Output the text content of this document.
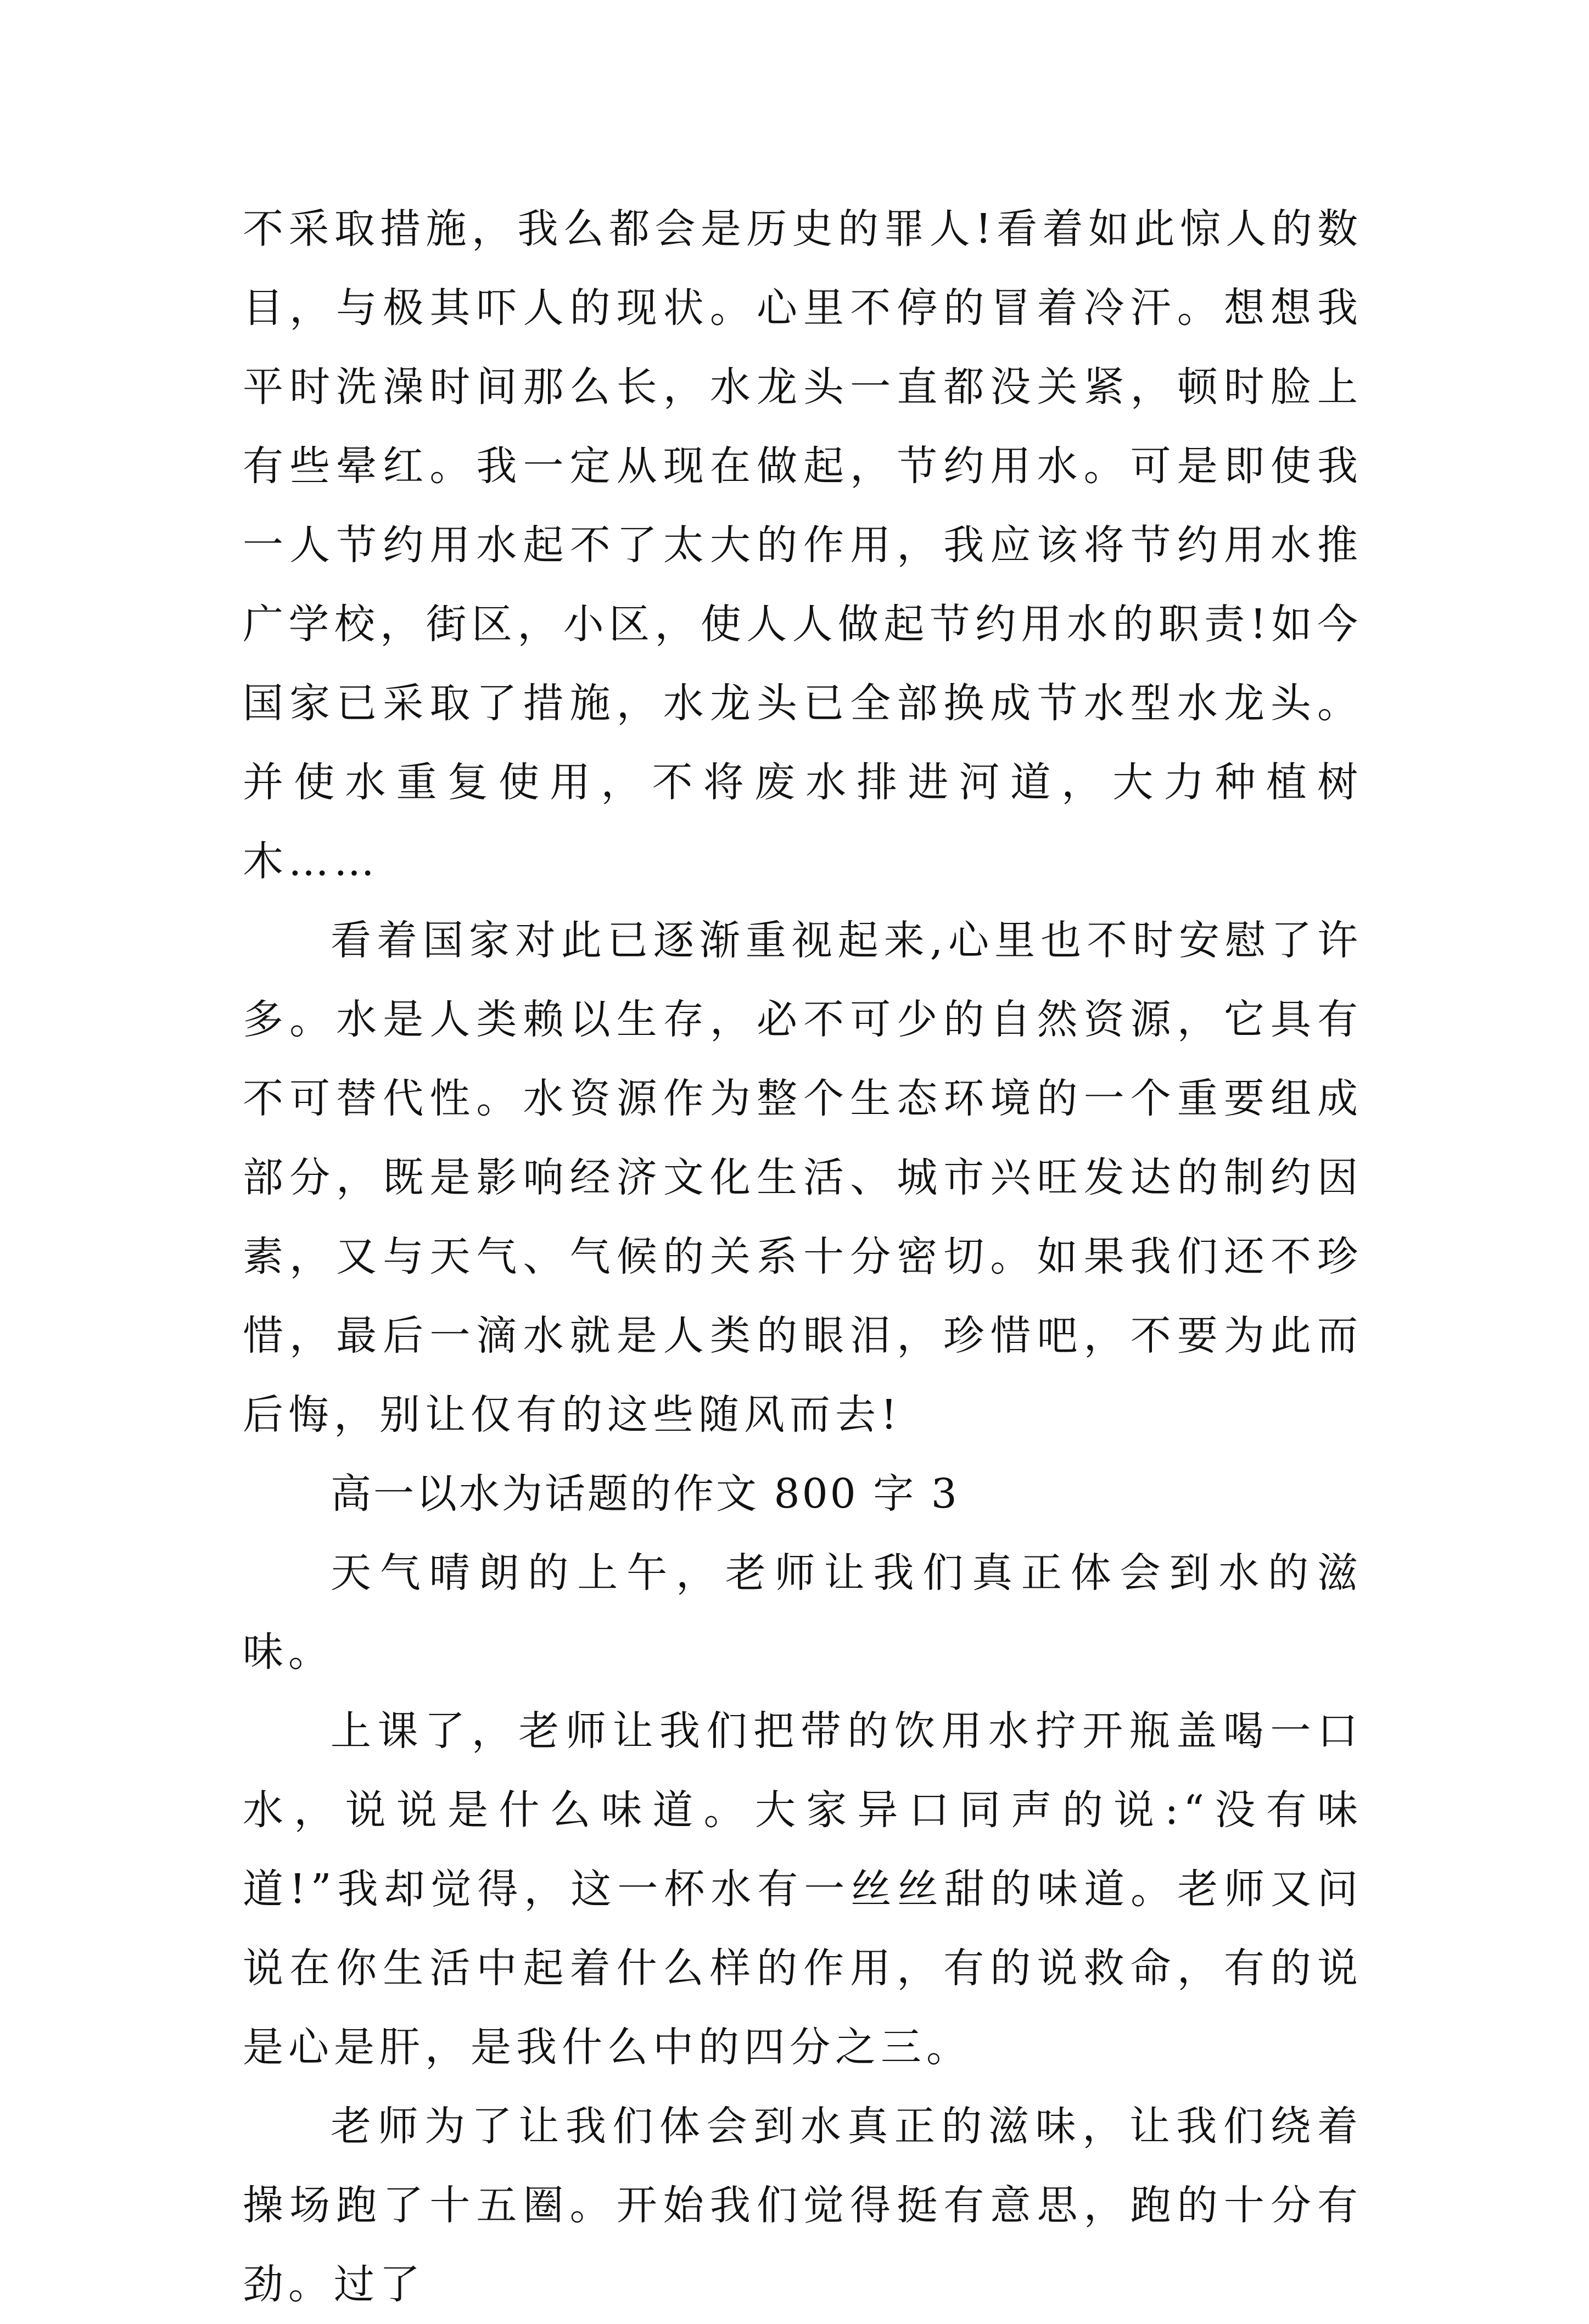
不采取措施，我么都会是历史的罪人!看着如此惊人的数目，与极其吓人的现状。心里不停的冒着冷汗。想想我平时洗澡时间那么长，水龙头一直都没关紧，顿时脸上有些晕红。我一定从现在做起，节约用水。可是即使我一人节约用水起不了太大的作用，我应该将节约用水推广学校，街区，小区，使人人做起节约用水的职责!如今国家已采取了措施，水龙头已全部换成节水型水龙头。并使水重复使用，不将废水排进河道，大力种植树木……

看着国家对此已逐渐重视起来,心里也不时安慰了许多。水是人类赖以生存，必不可少的自然资源，它具有不可替代性。水资源作为整个生态环境的一个重要组成部分，既是影响经济文化生活、城市兴旺发达的制约因素，又与天气、气候的关系十分密切。如果我们还不珍惜，最后一滴水就是人类的眼泪，珍惜吧，不要为此而后悔，别让仅有的这些随风而去!

高一以水为话题的作文 800 字 3

天气晴朗的上午，老师让我们真正体会到水的滋味。

上课了，老师让我们把带的饮用水拧开瓶盖喝一口水，说说是什么味道。大家异口同声的说:“没有味道!”我却觉得，这一杯水有一丝丝甜的味道。老师又问说在你生活中起着什么样的作用，有的说救命，有的说是心是肝，是我什么中的四分之三。

老师为了让我们体会到水真正的滋味，让我们绕着操场跑了十五圈。开始我们觉得挺有意思，跑的十分有劲。过了
